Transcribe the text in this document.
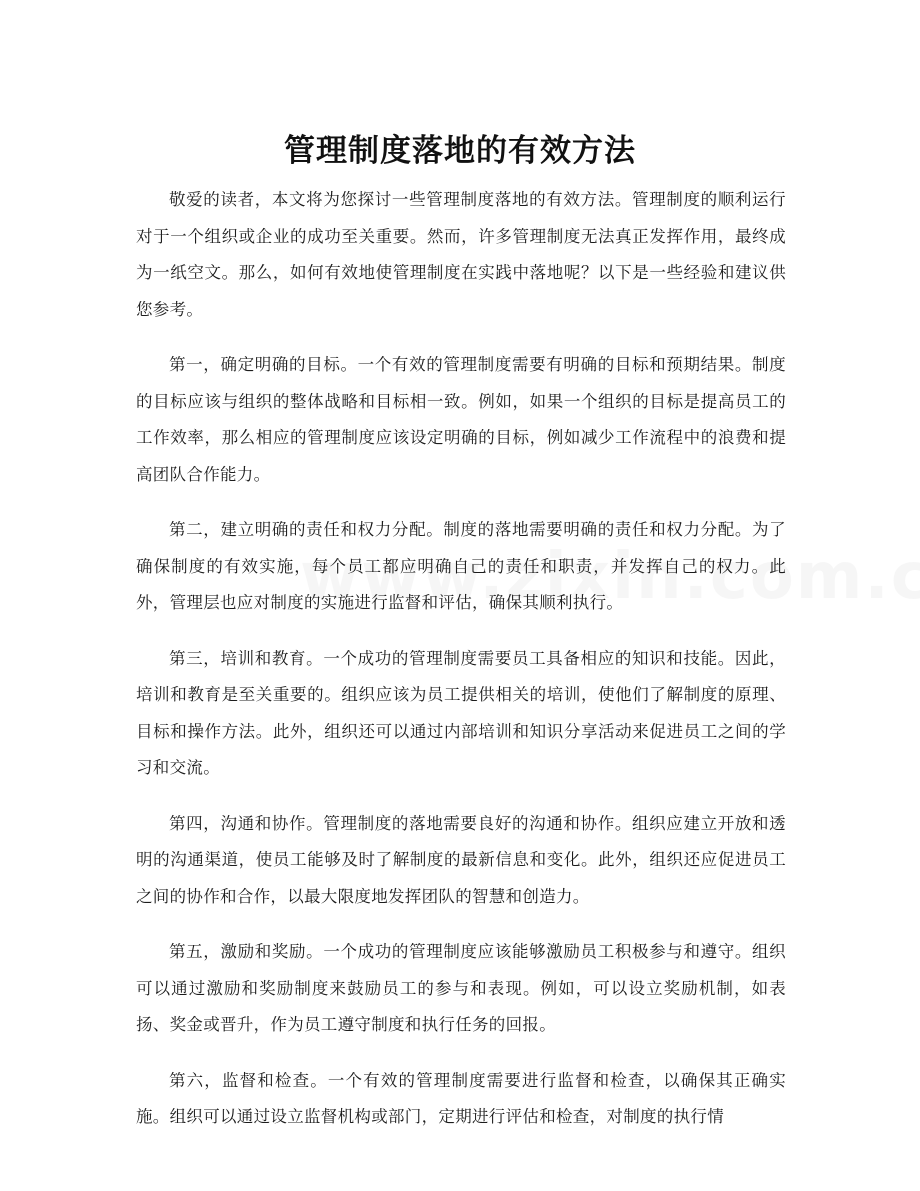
管理制度落地的有效方法

敬爱的读者，本文将为您探讨一些管理制度落地的有效方法。管理制度的顺利运行对于一个组织或企业的成功至关重要。然而，许多管理制度无法真正发挥作用，最终成为一纸空文。那么，如何有效地使管理制度在实践中落地呢？以下是一些经验和建议供您参考。

第一，确定明确的目标。一个有效的管理制度需要有明确的目标和预期结果。制度的目标应该与组织的整体战略和目标相一致。例如，如果一个组织的目标是提高员工的工作效率，那么相应的管理制度应该设定明确的目标，例如减少工作流程中的浪费和提高团队合作能力。

第二，建立明确的责任和权力分配。制度的落地需要明确的责任和权力分配。为了确保制度的有效实施，每个员工都应明确自己的责任和职责，并发挥自己的权力。此外，管理层也应对制度的实施进行监督和评估，确保其顺利执行。

第三，培训和教育。一个成功的管理制度需要员工具备相应的知识和技能。因此，培训和教育是至关重要的。组织应该为员工提供相关的培训，使他们了解制度的原理、目标和操作方法。此外，组织还可以通过内部培训和知识分享活动来促进员工之间的学习和交流。

第四，沟通和协作。管理制度的落地需要良好的沟通和协作。组织应建立开放和透明的沟通渠道，使员工能够及时了解制度的最新信息和变化。此外，组织还应促进员工之间的协作和合作，以最大限度地发挥团队的智慧和创造力。

第五，激励和奖励。一个成功的管理制度应该能够激励员工积极参与和遵守。组织可以通过激励和奖励制度来鼓励员工的参与和表现。例如，可以设立奖励机制，如表扬、奖金或晋升，作为员工遵守制度和执行任务的回报。

第六，监督和检查。一个有效的管理制度需要进行监督和检查，以确保其正确实施。组织可以通过设立监督机构或部门，定期进行评估和检查，对制度的执行情
